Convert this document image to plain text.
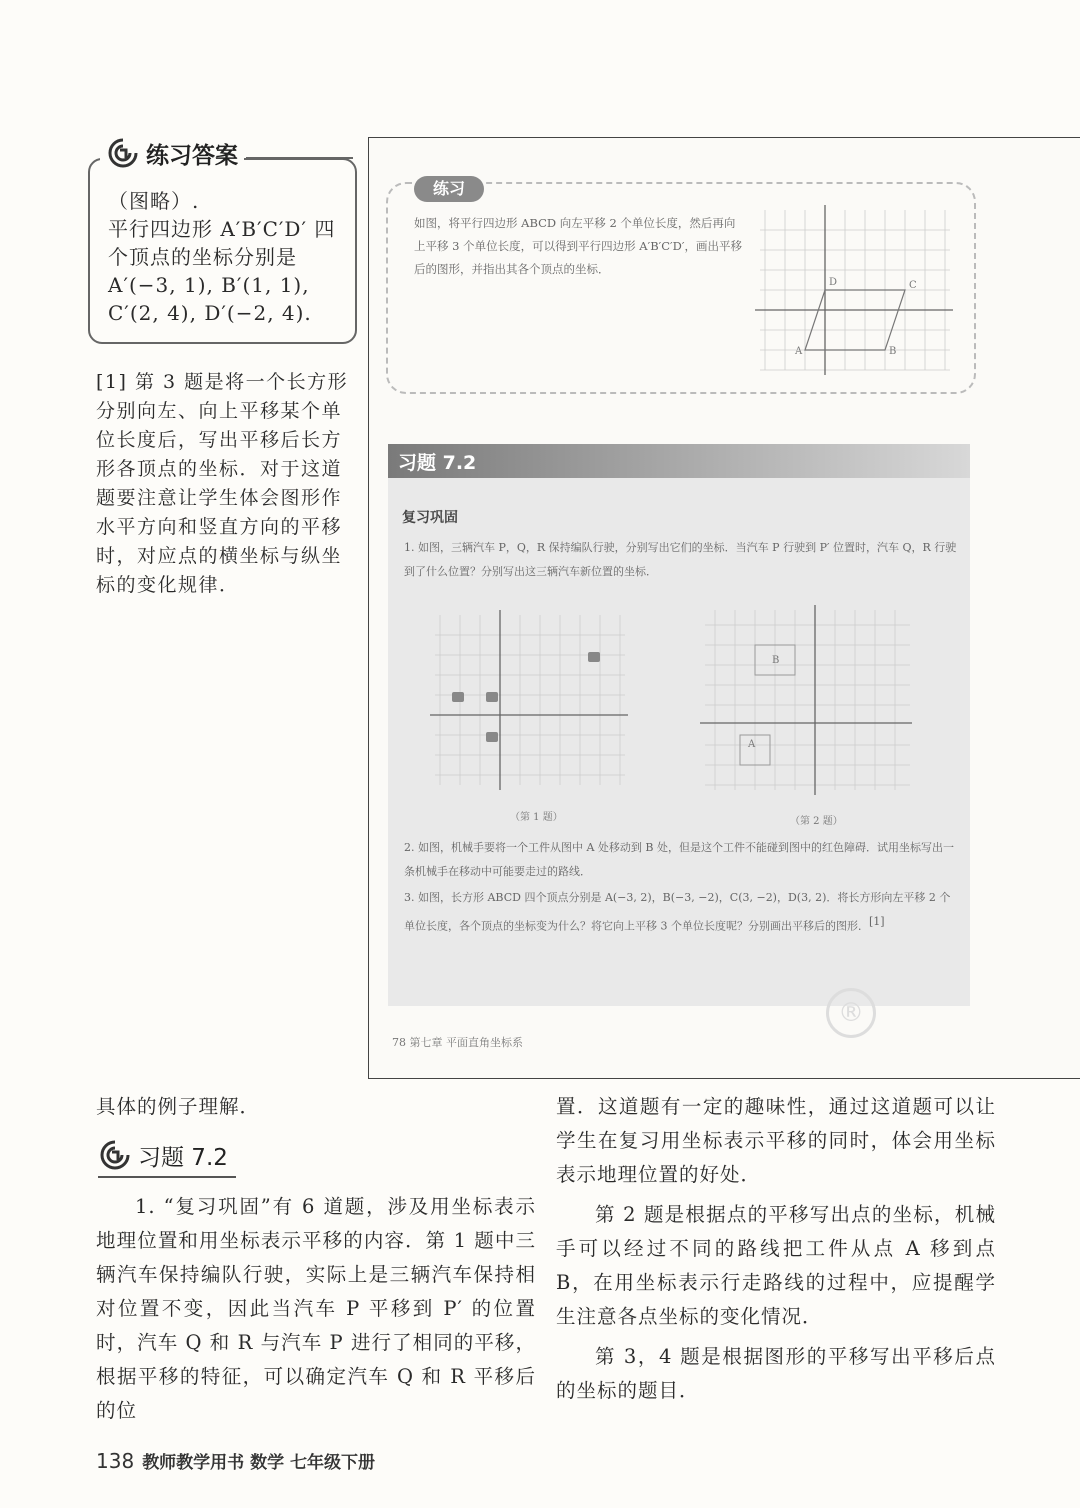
练习答案
（图略）.
平行四边形 A′B′C′D′ 四
个顶点的坐标分别是
A′(−3, 1), B′(1, 1),
C′(2, 4), D′(−2, 4).
[1] 第 3 题是将一个长方形分别向左、向上平移某个单位长度后，写出平移后长方形各顶点的坐标．对于这道题要注意让学生体会图形作水平方向和竖直方向的平移时，对应点的横坐标与纵坐标的变化规律．
练习
如图，将平行四边形 ABCD 向左平移 2 个单位长度，然后再向上平移 3 个单位长度，可以得到平行四边形 A′B′C′D′，画出平移后的图形，并指出其各个顶点的坐标．
A	B
C
D
习题 7.2
复习巩固
1. 如图，三辆汽车 P，Q，R 保持编队行驶，分别写出它们的坐标．当汽车 P 行驶到 P′ 位置时，汽车 Q，R 行驶到了什么位置？分别写出这三辆汽车新位置的坐标．
A
B
（第 1 题）	（第 2 题）
2. 如图，机械手要将一个工件从图中 A 处移动到 B 处，但是这个工件不能碰到图中的红色障碍．试用坐标写出一条机械手在移动中可能要走过的路线．
3. 如图，长方形 ABCD 四个顶点分别是 A(−3, 2)，B(−3, −2)，C(3, −2)，D(3, 2)．将长方形向左平移 2 个单位长度，各个顶点的坐标变为什么？将它向上平移 3 个单位长度呢？分别画出平移后的图形．[1]
®
78 第七章 平面直角坐标系
具体的例子理解．
习题 7.2
1. “复习巩固”有 6 道题，涉及用坐标表示地理位置和用坐标表示平移的内容．第 1 题中三辆汽车保持编队行驶，实际上是三辆汽车保持相对位置不变，因此当汽车 P 平移到 P′ 的位置时，汽车 Q 和 R 与汽车 P 进行了相同的平移，根据平移的特征，可以确定汽车 Q 和 R 平移后的位
置．这道题有一定的趣味性，通过这道题可以让学生在复习用坐标表示平移的同时，体会用坐标表示地理位置的好处．
第 2 题是根据点的平移写出点的坐标，机械手可以经过不同的路线把工件从点 A 移到点 B，在用坐标表示行走路线的过程中，应提醒学生注意各点坐标的变化情况．
第 3，4 题是根据图形的平移写出平移后点的坐标的题目．
138 教师教学用书 数学 七年级下册
